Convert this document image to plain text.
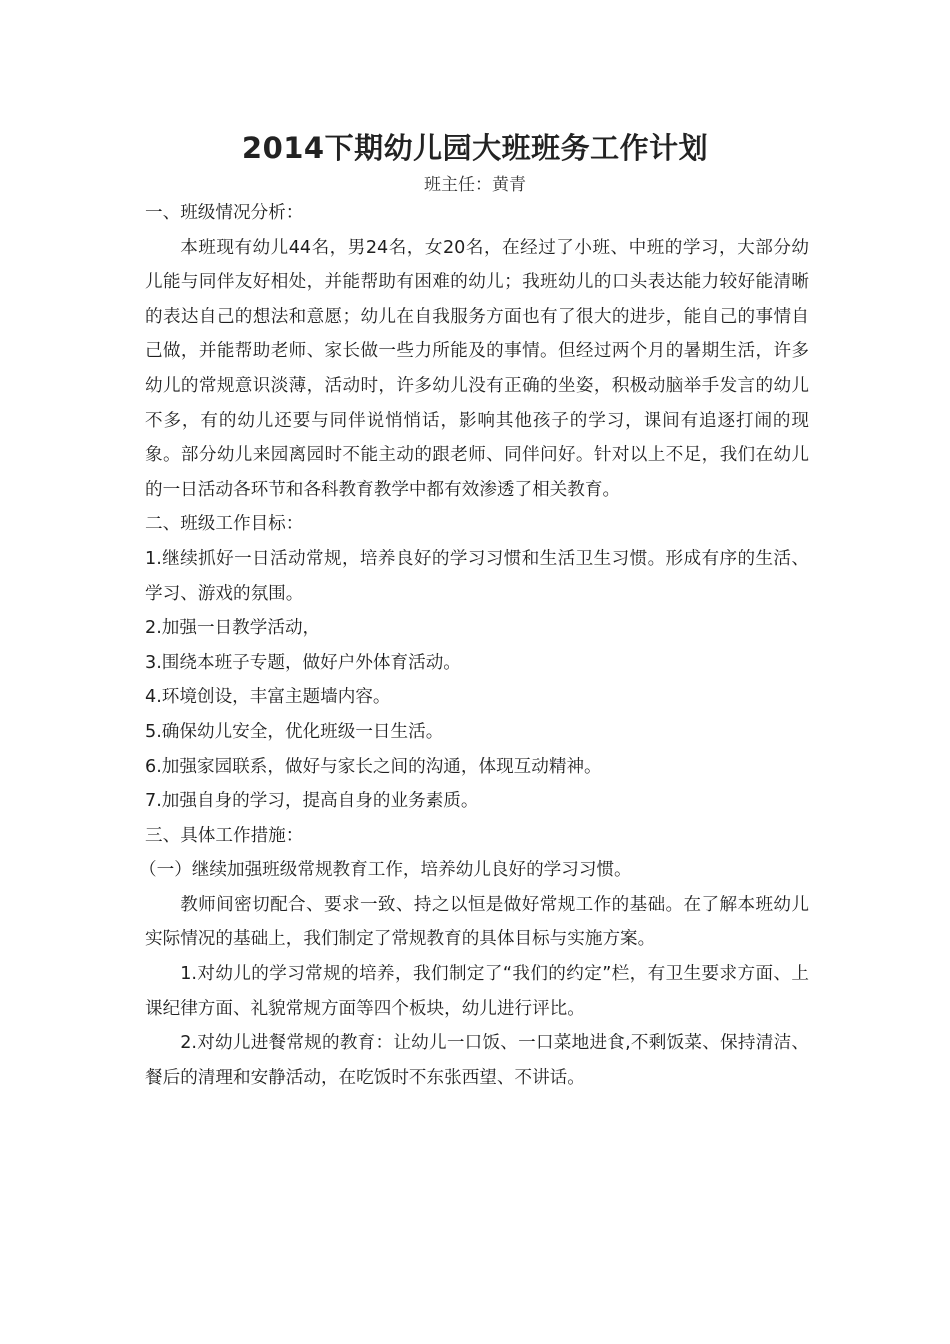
2014下期幼儿园大班班务工作计划
班主任：黄青

一、班级情况分析：

本班现有幼儿44名，男24名，女20名，在经过了小班、中班的学习，大部分幼儿能与同伴友好相处，并能帮助有困难的幼儿；我班幼儿的口头表达能力较好能清晰的表达自己的想法和意愿；幼儿在自我服务方面也有了很大的进步，能自己的事情自己做，并能帮助老师、家长做一些力所能及的事情。但经过两个月的暑期生活，许多幼儿的常规意识淡薄，活动时，许多幼儿没有正确的坐姿，积极动脑举手发言的幼儿不多，有的幼儿还要与同伴说悄悄话，影响其他孩子的学习，课间有追逐打闹的现象。部分幼儿来园离园时不能主动的跟老师、同伴问好。针对以上不足，我们在幼儿的一日活动各环节和各科教育教学中都有效渗透了相关教育。

二、班级工作目标：

1.继续抓好一日活动常规，培养良好的学习习惯和生活卫生习惯。形成有序的生活、学习、游戏的氛围。

2.加强一日教学活动，

3.围绕本班子专题，做好户外体育活动。

4.环境创设，丰富主题墙内容。

5.确保幼儿安全，优化班级一日生活。

6.加强家园联系，做好与家长之间的沟通，体现互动精神。

7.加强自身的学习，提高自身的业务素质。

三、具体工作措施：

（一）继续加强班级常规教育工作，培养幼儿良好的学习习惯。

教师间密切配合、要求一致、持之以恒是做好常规工作的基础。在了解本班幼儿实际情况的基础上，我们制定了常规教育的具体目标与实施方案。

1.对幼儿的学习常规的培养，我们制定了“我们的约定”栏，有卫生要求方面、上课纪律方面、礼貌常规方面等四个板块，幼儿进行评比。

2.对幼儿进餐常规的教育：让幼儿一口饭、一口菜地进食,不剩饭菜、保持清洁、餐后的清理和安静活动，在吃饭时不东张西望、不讲话。
